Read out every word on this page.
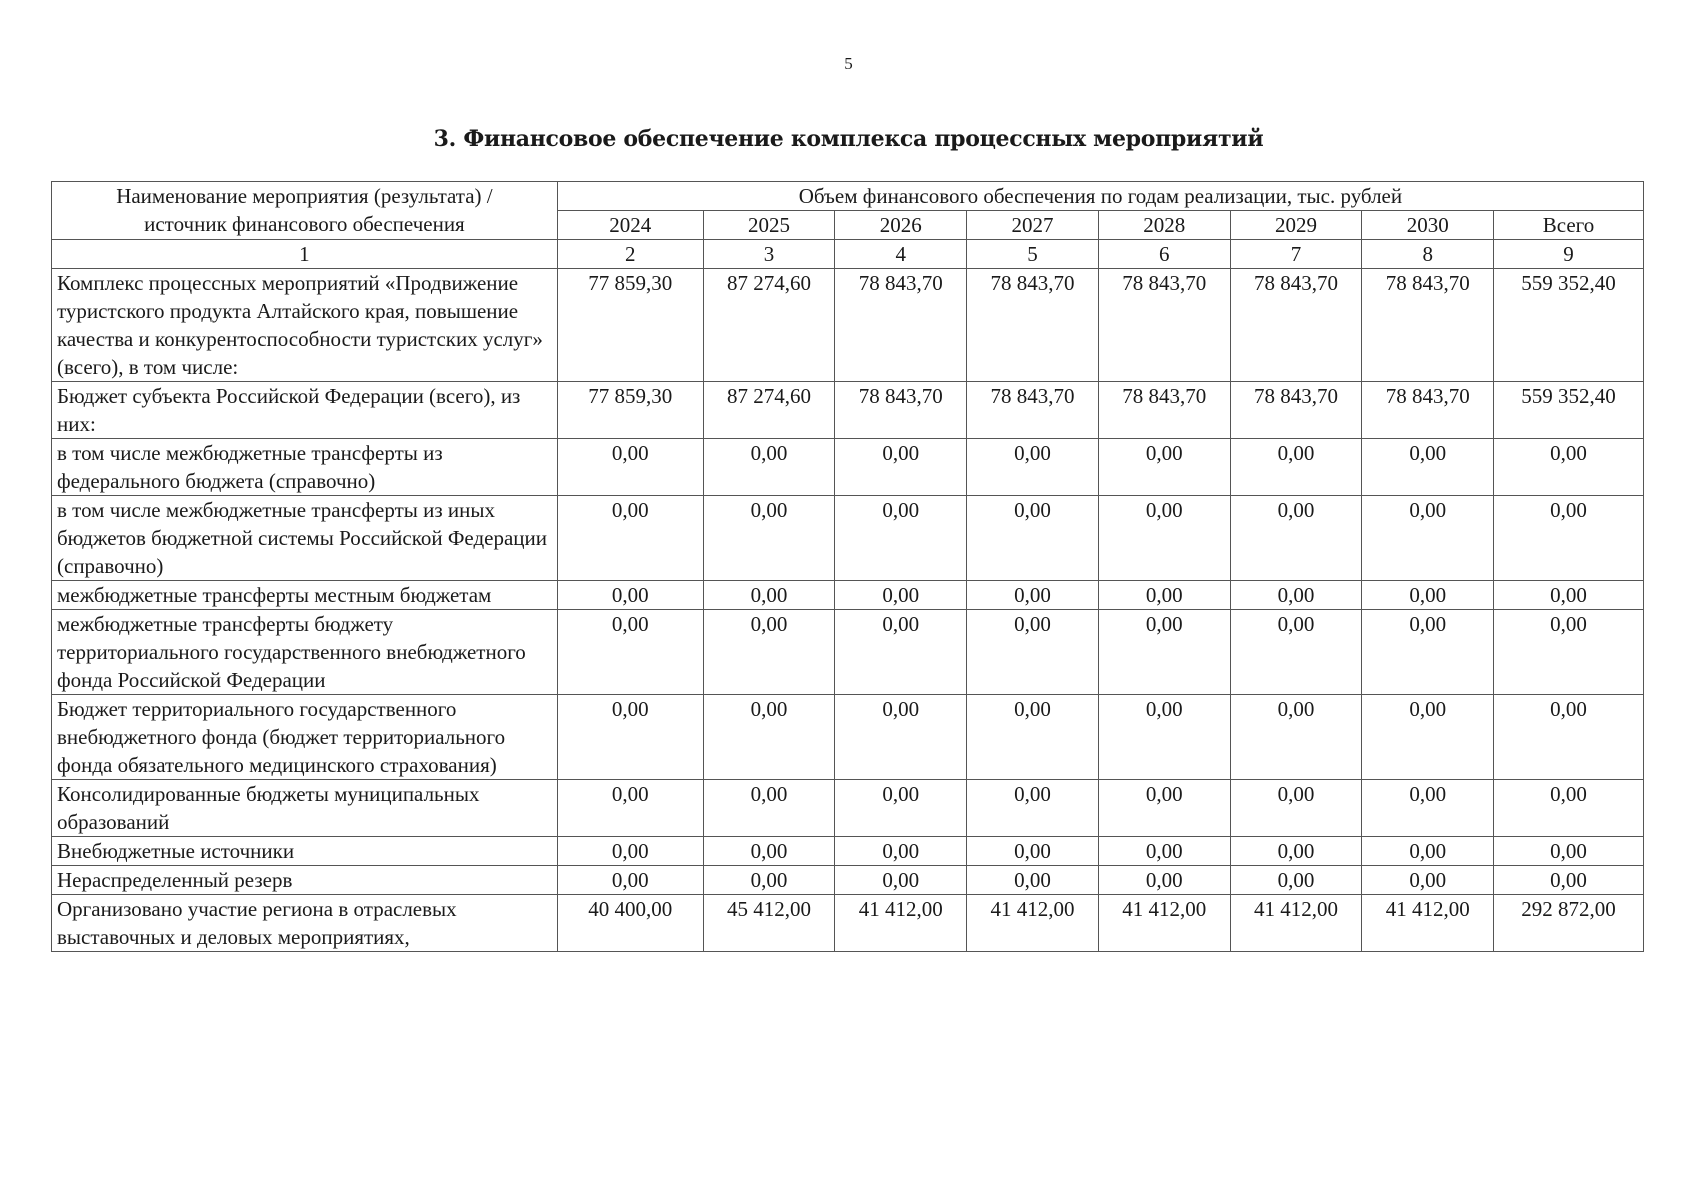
5
3. Финансовое обеспечение комплекса процессных мероприятий
Наименование мероприятия (результата) /
источник финансового обеспечения	Объем финансового обеспечения по годам реализации, тыс. рублей							
	2024	2025	2026	2027	2028	2029	2030	Всего
1	2	3	4	5	6	7	8	9
Комплекс процессных мероприятий «Продвижение туристского продукта Алтайского края, повышение качества и конкурентоспособности туристских услуг» (всего), в том числе:	77 859,30	87 274,60	78 843,70	78 843,70	78 843,70	78 843,70	78 843,70	559 352,40
Бюджет субъекта Российской Федерации (всего), из них:	77 859,30	87 274,60	78 843,70	78 843,70	78 843,70	78 843,70	78 843,70	559 352,40
в том числе межбюджетные трансферты из федерального бюджета (справочно)	0,00	0,00	0,00	0,00	0,00	0,00	0,00	0,00
в том числе межбюджетные трансферты из иных бюджетов бюджетной системы Российской Федерации (справочно)	0,00	0,00	0,00	0,00	0,00	0,00	0,00	0,00
межбюджетные трансферты местным бюджетам	0,00	0,00	0,00	0,00	0,00	0,00	0,00	0,00
межбюджетные трансферты бюджету территориального государственного внебюджетного фонда Российской Федерации	0,00	0,00	0,00	0,00	0,00	0,00	0,00	0,00
Бюджет территориального государственного внебюджетного фонда (бюджет территориального фонда обязательного медицинского страхования)	0,00	0,00	0,00	0,00	0,00	0,00	0,00	0,00
Консолидированные бюджеты муниципальных образований	0,00	0,00	0,00	0,00	0,00	0,00	0,00	0,00
Внебюджетные источники	0,00	0,00	0,00	0,00	0,00	0,00	0,00	0,00
Нераспределенный резерв	0,00	0,00	0,00	0,00	0,00	0,00	0,00	0,00
Организовано участие региона в отраслевых выставочных и деловых мероприятиях,	40 400,00	45 412,00	41 412,00	41 412,00	41 412,00	41 412,00	41 412,00	292 872,00
